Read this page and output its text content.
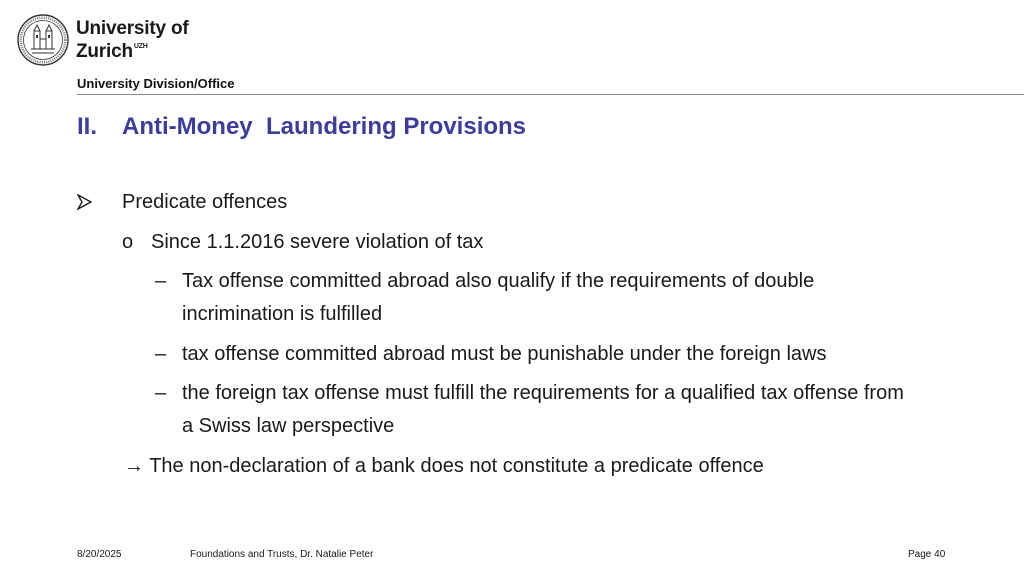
University of
Zurich$^{UZH}$
University Division/Office
II. Anti-Money  Laundering Provisions
Predicate offences
o Since 1.1.2016 severe violation of tax
– Tax offense committed abroad also qualify if the requirements of double
incrimination is fulfilled
– tax offense committed abroad must be punishable under the foreign laws
– the foreign tax offense must fulfill the requirements for a qualified tax offense from
a Swiss law perspective
→ The non-declaration of a bank does not constitute a predicate offence
8/20/2025	Foundations and Trusts, Dr. Natalie Peter	Page 40
